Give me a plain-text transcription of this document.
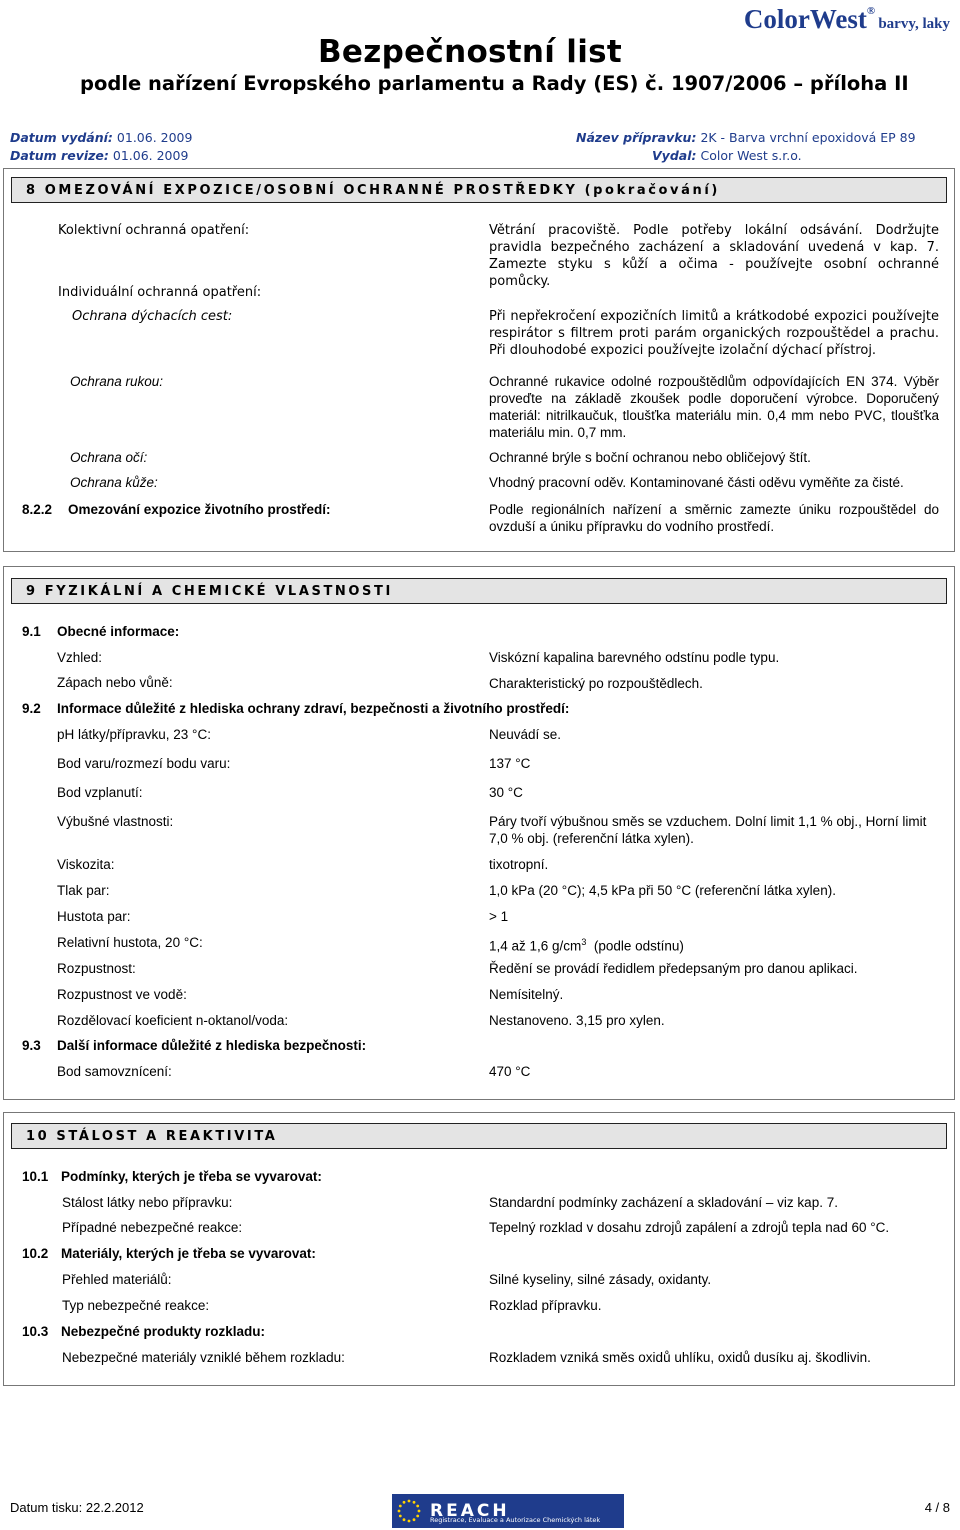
Bezpečnostní list
podle nařízení Evropského parlamentu a Rady (ES) č. 1907/2006 – příloha II
ColorWest® barvy, laky
Datum vydání: 01.06. 2009
Datum revize: 01.06. 2009
Název přípravku: 2K - Barva vrchní epoxidová EP 89
Vydal: Color West s.r.o.
8 OMEZOVÁNÍ EXPOZICE/OSOBNÍ OCHRANNÉ PROSTŘEDKY (pokračování)
Kolektivní ochranná opatření:	Větrání pracoviště. Podle potřeby lokální odsávání. Dodržujte pravidla bezpečného zacházení a skladování uvedená v kap. 7. Zamezte styku s kůží a očima - používejte osobní ochranné pomůcky.
Individuální ochranná opatření:
Ochrana dýchacích cest:	Při nepřekročení expozičních limitů a krátkodobé expozici používejte respirátor s filtrem proti parám organických rozpouštědel a prachu. Při dlouhodobé expozici používejte izolační dýchací přístroj.
Ochrana rukou:	Ochranné rukavice odolné rozpouštědlům odpovídajících EN 374. Výběr proveďte na základě zkoušek podle doporučení výrobce. Doporučený materiál: nitrilkaučuk, tloušťka materiálu min. 0,4 mm nebo PVC, tloušťka materiálu min. 0,7 mm.
Ochrana očí:	Ochranné brýle s boční ochranou nebo obličejový štít.
Ochrana kůže:	Vhodný pracovní oděv. Kontaminované části oděvu vyměňte za čisté.
8.2.2 Omezování expozice životního prostředí:	Podle regionálních nařízení a směrnic zamezte úniku rozpouštědel do ovzduší a úniku přípravku do vodního prostředí.
9 FYZIKÁLNÍ A CHEMICKÉ VLASTNOSTI
9.1 Obecné informace:
Vzhled:	Viskózní kapalina barevného odstínu podle typu.
Zápach nebo vůně:	Charakteristický po rozpouštědlech.
9.2 Informace důležité z hlediska ochrany zdraví, bezpečnosti a životního prostředí:
pH látky/přípravku, 23 °C:	Neuvádí se.
Bod varu/rozmezí bodu varu:	137 °C
Bod vzplanutí:	30 °C
Výbušné vlastnosti:	Páry tvoří výbušnou směs se vzduchem. Dolní limit 1,1 % obj., Horní limit 7,0 % obj. (referenční látka xylen).
Viskozita:	tixotropní.
Tlak par:	1,0 kPa (20 °C); 4,5 kPa při 50 °C (referenční látka xylen).
Hustota par:	> 1
Relativní hustota, 20 °C:	1,4 až 1,6 $g/cm^3$  (podle odstínu)
Rozpustnost:	Ředění se provádí ředidlem předepsaným pro danou aplikaci.
Rozpustnost ve vodě:	Nemísitelný.
Rozdělovací koeficient n-oktanol/voda:	Nestanoveno. 3,15 pro xylen.
9.3 Další informace důležité z hlediska bezpečnosti:
Bod samovznícení:	470 °C
10 STÁLOST A REAKTIVITA
10.1 Podmínky, kterých je třeba se vyvarovat:
Stálost látky nebo přípravku:	Standardní podmínky zacházení a skladování – viz kap. 7.
Případné nebezpečné reakce:	Tepelný rozklad v dosahu zdrojů zapálení a zdrojů tepla nad 60 °C.
10.2 Materiály, kterých je třeba se vyvarovat:
Přehled materiálů:	Silné kyseliny, silné zásady, oxidanty.
Typ nebezpečné reakce:	Rozklad přípravku.
10.3 Nebezpečné produkty rozkladu:
Nebezpečné materiály vzniklé během rozkladu:	Rozkladem vzniká směs oxidů uhlíku, oxidů dusíku aj. škodlivin.
Datum tisku: 22.2.2012	REACH
Registrace, Evaluace a Autorizace Chemických látek
4 / 8
